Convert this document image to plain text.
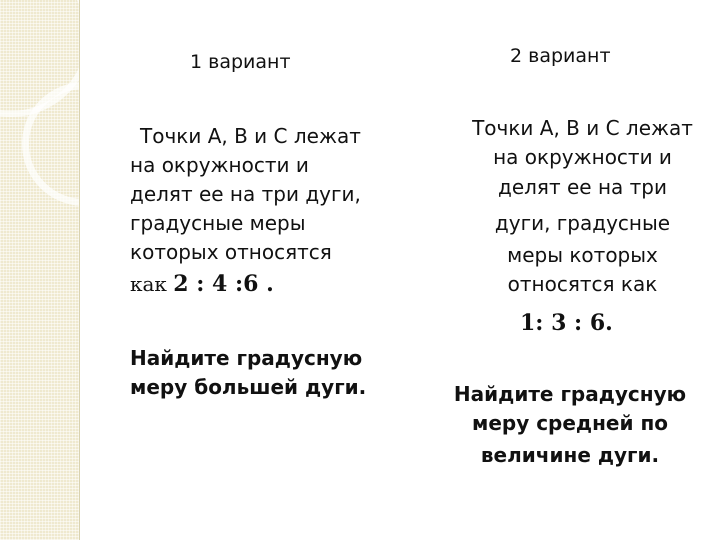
1 вариант

Точки А, В и С лежат

на окружности и

делят ее на три дуги,

градусные меры

которых относятся

как 2 : 4 :6 .

Найдите градусную

меру большей дуги.

2 вариант

Точки А, В и С лежат

на окружности и

делят ее на три

дуги, градусные

меры которых

относятся как

1: 3 : 6.

Найдите градусную

меру средней по

величине дуги.
